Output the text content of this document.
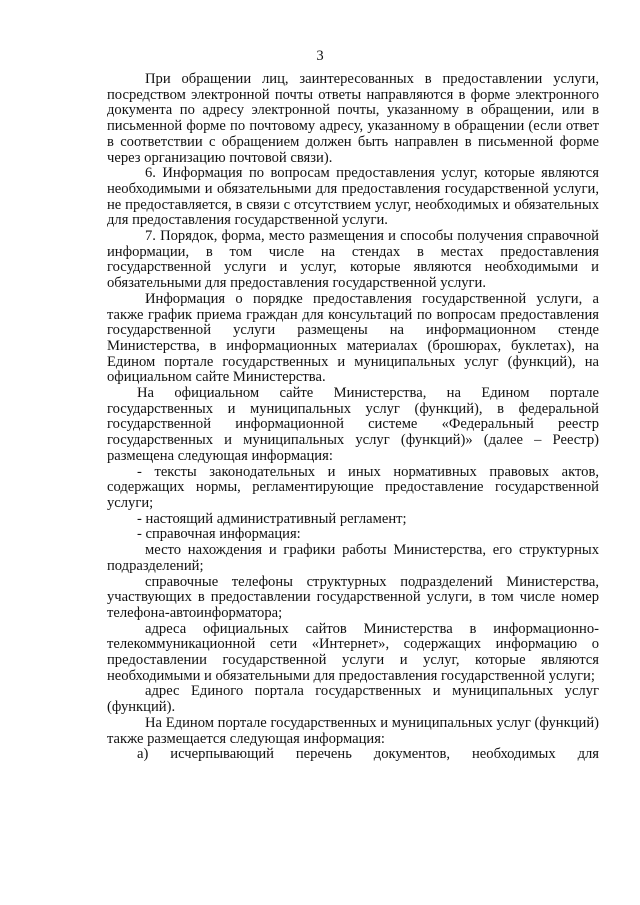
3

При обращении лиц, заинтересованных в предоставлении услуги, посредством электронной почты ответы направляются в форме электронного документа по адресу электронной почты, указанному в обращении, или в письменной форме по почтовому адресу, указанному в обращении (если ответ в соответствии с обращением должен быть направлен в письменной форме через организацию почтовой связи).

6. Информация по вопросам предоставления услуг, которые являются необходимыми и обязательными для предоставления государственной услуги, не предоставляется, в связи с отсутствием услуг, необходимых и обязательных для предоставления государственной услуги.

7. Порядок, форма, место размещения и способы получения справочной информации, в том числе на стендах в местах предоставления государственной услуги и услуг, которые являются необходимыми и обязательными для предоставления государственной услуги.

Информация о порядке предоставления государственной услуги, а также график приема граждан для консультаций по вопросам предоставления государственной услуги размещены на информационном стенде Министерства, в информационных материалах (брошюрах, буклетах), на Едином портале государственных и муниципальных услуг (функций), на официальном сайте Министерства.

На официальном сайте Министерства, на Едином портале государственных и муниципальных услуг (функций), в федеральной государственной информационной системе «Федеральный реестр государственных и муниципальных услуг (функций)» (далее – Реестр) размещена следующая информация:

- тексты законодательных и иных нормативных правовых актов, содержащих нормы, регламентирующие предоставление государственной услуги;

- настоящий административный регламент;

- справочная информация:

место нахождения и графики работы Министерства, его структурных подразделений;

справочные телефоны структурных подразделений Министерства, участвующих в предоставлении государственной услуги, в том числе номер телефона-автоинформатора;

адреса официальных сайтов Министерства в информационно-телекоммуникационной сети «Интернет», содержащих информацию о предоставлении государственной услуги и услуг, которые являются необходимыми и обязательными для предоставления государственной услуги;

адрес Единого портала государственных и муниципальных услуг (функций).

На Едином портале государственных и муниципальных услуг (функций) также размещается следующая информация:

а) исчерпывающий перечень документов, необходимых для
